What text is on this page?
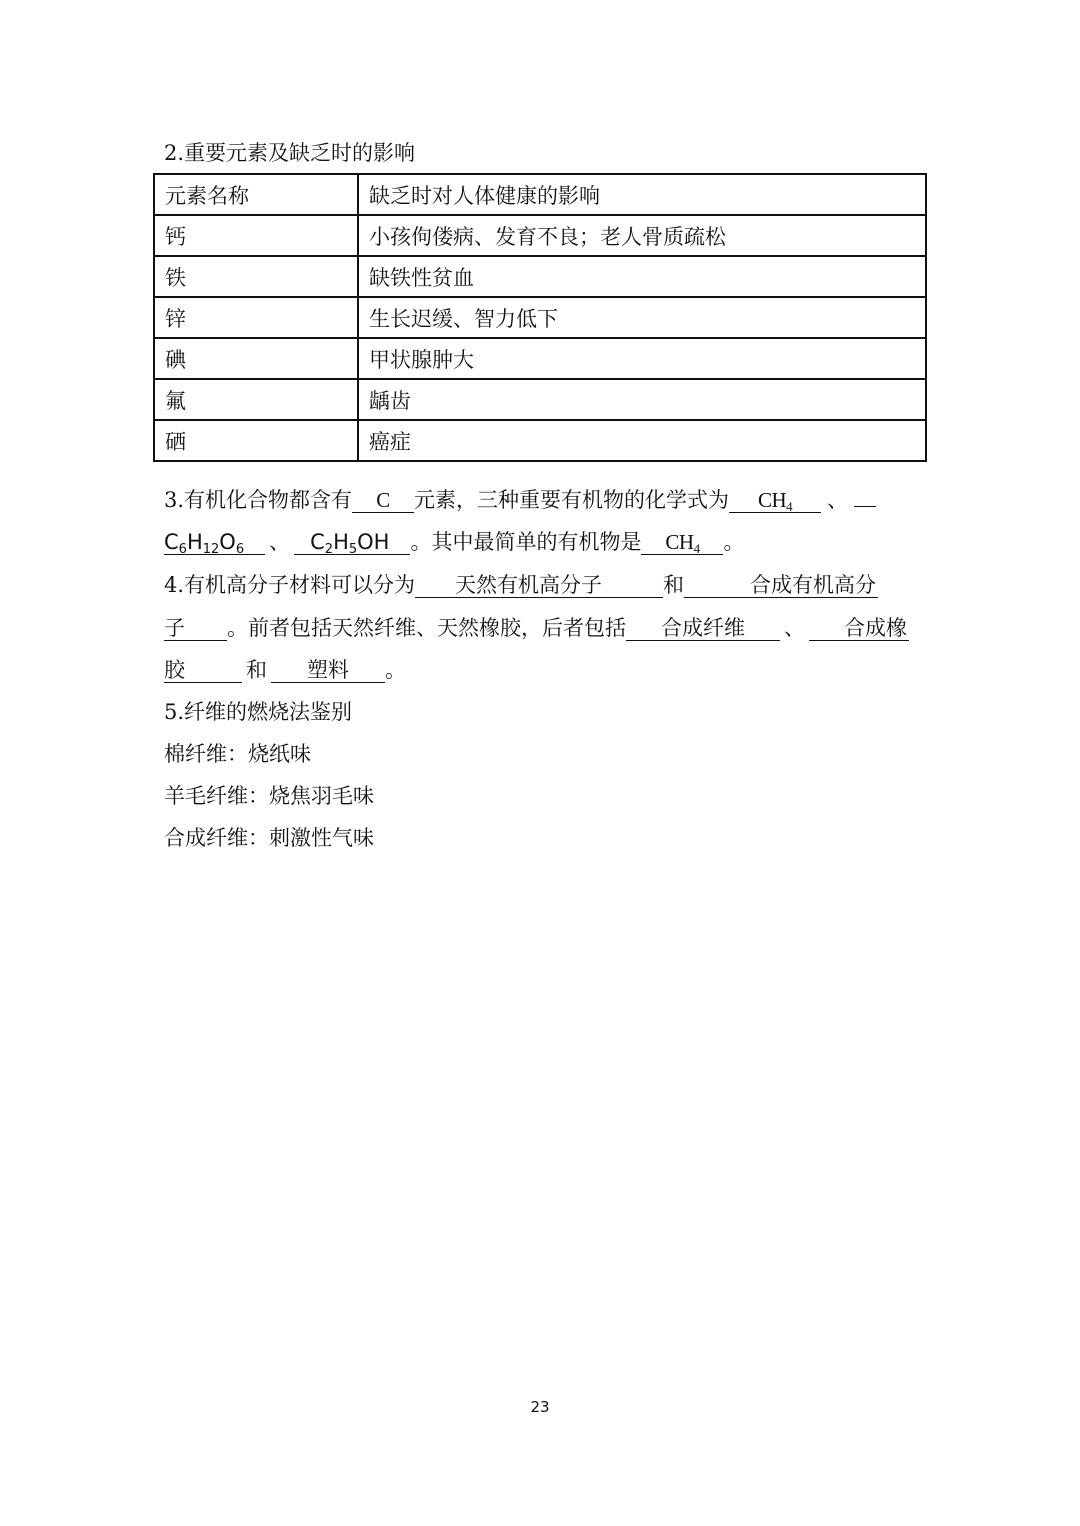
2.重要元素及缺乏时的影响
元素名称	缺乏时对人体健康的影响
钙	小孩佝偻病、发育不良；老人骨质疏松
铁	缺铁性贫血
锌	生长迟缓、智力低下
碘	甲状腺肿大
氟	龋齿
硒	癌症
3.有机化合物都含有 C 元素，三种重要有机物的化学式为 $CH_4$ 、
$C_6H_{12}O_6$  、 $C_2H_5OH$  。其中最简单的有机物是 $CH_4$ 。
4.有机高分子材料可以分为 天然有机高分子 	和	合成有机高分
子   。前者包括天然纤维、天然橡胶，后者包括 合成纤维 、 合成橡
胶	和 塑料 。
5.纤维的燃烧法鉴别
棉纤维：烧纸味
羊毛纤维：烧焦羽毛味
合成纤维：刺激性气味
23
